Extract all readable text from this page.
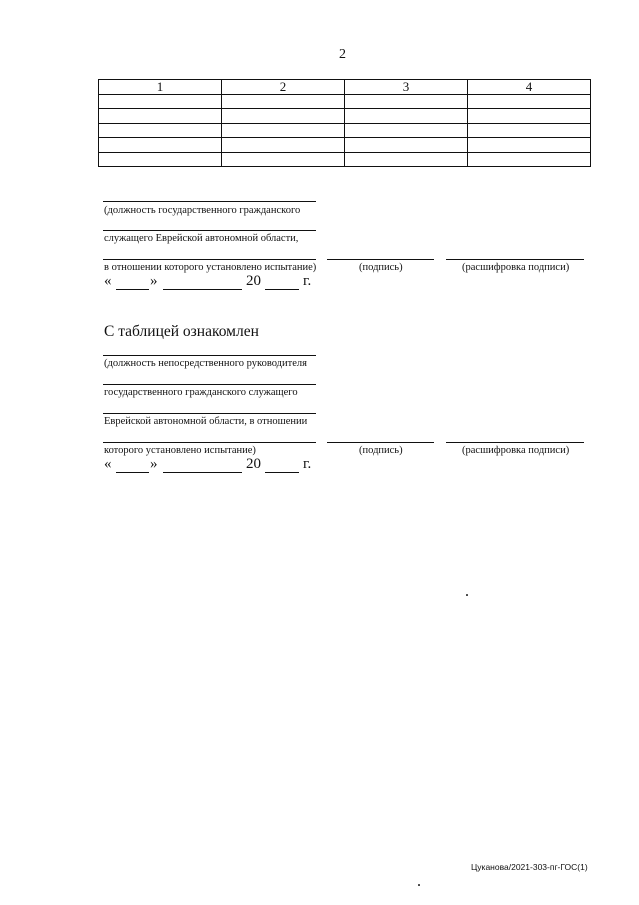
2
1	2	3	4

(должность государственного гражданского
служащего Еврейской автономной области,
в отношении которого установлено испытание)	(подпись)	(расшифровка подписи)
«	»	20	г.
С таблицей ознакомлен
(должность непосредственного руководителя
государственного гражданского служащего
Еврейской автономной области, в отношении
которого установлено испытание)	(подпись)	(расшифровка подписи)
«	»	20	г.
Цуканова/2021-303-пг-ГОС(1)
